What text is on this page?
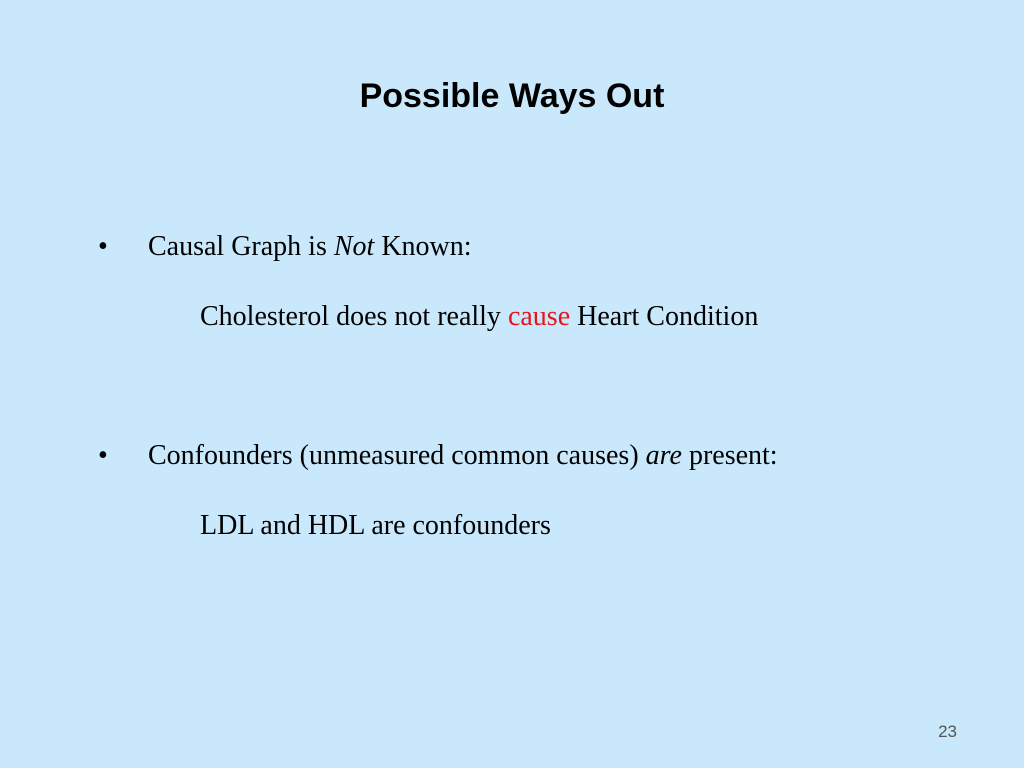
Possible Ways Out
• Causal Graph is Not Known:
Cholesterol does not really cause Heart Condition
• Confounders (unmeasured common causes) are present:
LDL and HDL are confounders
23
